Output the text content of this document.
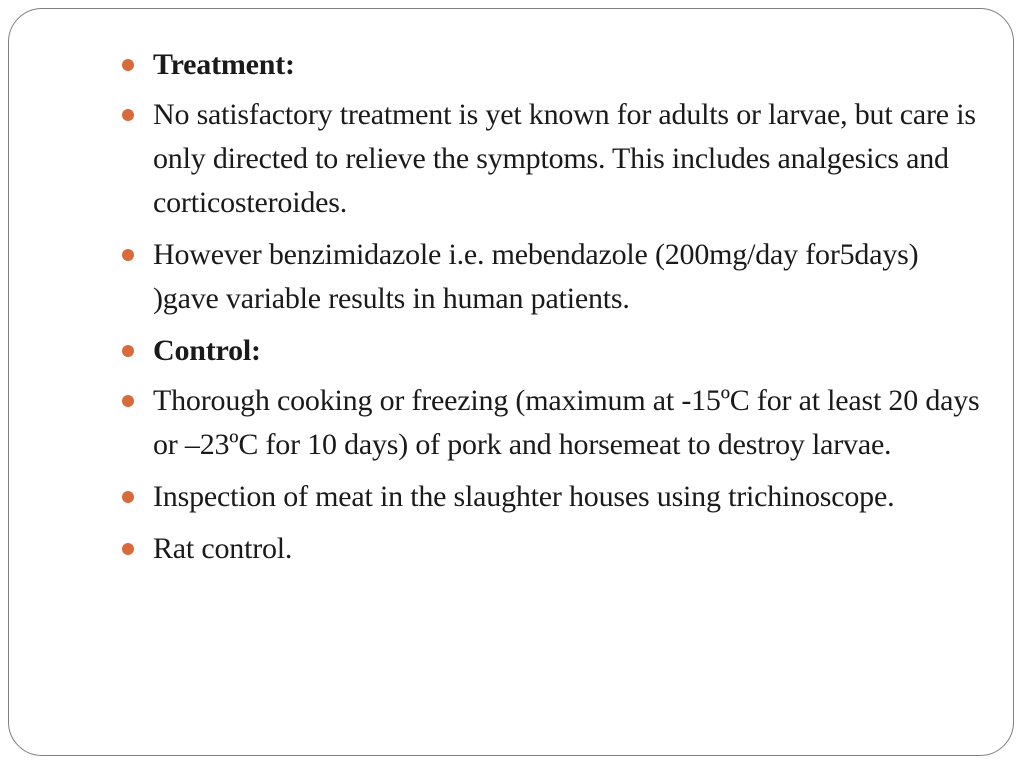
Treatment:
No satisfactory treatment is yet known for adults or larvae, but care is only directed to relieve the symptoms. This includes analgesics and corticosteroides.
However benzimidazole i.e. mebendazole (200mg/day for5days) )gave variable results in human patients.
Control:
Thorough cooking or freezing (maximum at -15ºC for at least 20 days or –23ºC for 10 days) of pork and horsemeat to destroy larvae.
Inspection of meat in the slaughter houses using trichinoscope.
Rat control.
